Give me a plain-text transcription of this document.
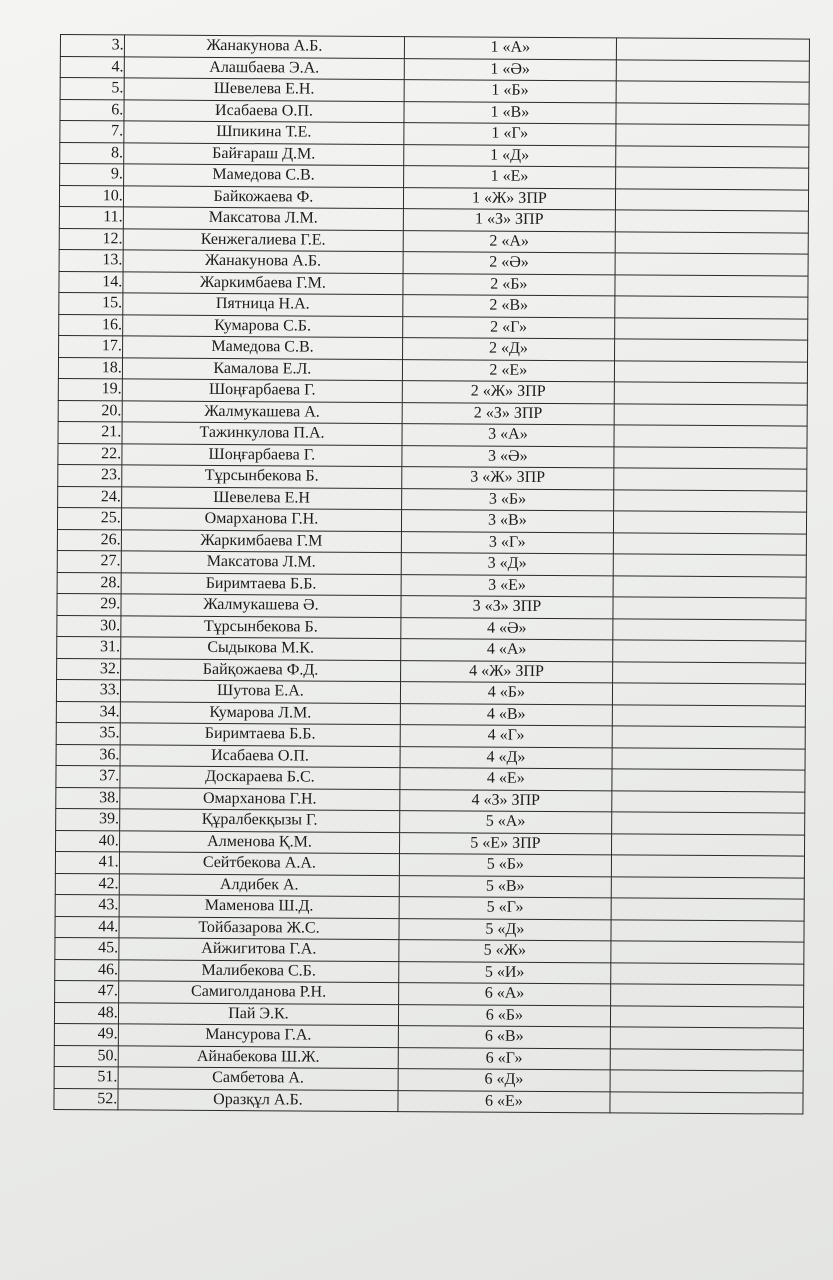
3.	Жанакунова А.Б.	1 «А»	
4.	Алашбаева Э.А.	1 «Ә»	
5.	Шевелева Е.Н.	1 «Б»	
6.	Исабаева О.П.	1 «В»	
7.	Шпикина Т.Е.	1 «Г»	
8.	Байғараш Д.М.	1 «Д»	
9.	Мамедова С.В.	1 «Е»	
10.	Байкожаева Ф.	1 «Ж» ЗПР	
11.	Максатова Л.М.	1 «З» ЗПР	
12.	Кенжегалиева Г.Е.	2 «А»	
13.	Жанакунова А.Б.	2 «Ә»	
14.	Жаркимбаева Г.М.	2 «Б»	
15.	Пятница Н.А.	2 «В»	
16.	Кумарова С.Б.	2 «Г»	
17.	Мамедова С.В.	2 «Д»	
18.	Камалова Е.Л.	2 «Е»	
19.	Шоңғарбаева Г.	2 «Ж» ЗПР	
20.	Жалмукашева А.	2 «З» ЗПР	
21.	Тажинкулова П.А.	3 «А»	
22.	Шоңғарбаева Г.	3 «Ә»	
23.	Тұрсынбекова Б.	3 «Ж» ЗПР	
24.	Шевелева Е.Н	3 «Б»	
25.	Омарханова Г.Н.	3 «В»	
26.	Жаркимбаева Г.М	3 «Г»	
27.	Максатова Л.М.	3 «Д»	
28.	Биримтаева Б.Б.	3 «Е»	
29.	Жалмукашева Ә.	3 «З» ЗПР	
30.	Тұрсынбекова Б.	4 «Ә»	
31.	Сыдыкова М.К.	4 «А»	
32.	Байқожаева Ф.Д.	4 «Ж» ЗПР	
33.	Шутова Е.А.	4 «Б»	
34.	Кумарова Л.М.	4 «В»	
35.	Биримтаева Б.Б.	4 «Г»	
36.	Исабаева О.П.	4 «Д»	
37.	Доскараева Б.С.	4 «Е»	
38.	Омарханова Г.Н.	4 «З» ЗПР	
39.	Құралбекқызы Г.	5 «А»	
40.	Алменова Қ.М.	5 «Е» ЗПР	
41.	Сейтбекова А.А.	5 «Б»	
42.	Алдибек А.	5 «В»	
43.	Маменова Ш.Д.	5 «Г»	
44.	Тойбазарова Ж.С.	5 «Д»	
45.	Айжигитова Г.А.	5 «Ж»	
46.	Малибекова С.Б.	5 «И»	
47.	Самиголданова Р.Н.	6 «А»	
48.	Пай Э.К.	6 «Б»	
49.	Мансурова Г.А.	6 «В»	
50.	Айнабекова Ш.Ж.	6 «Г»	
51.	Самбетова А.	6 «Д»	
52.	Оразқұл А.Б.	6 «Е»	
